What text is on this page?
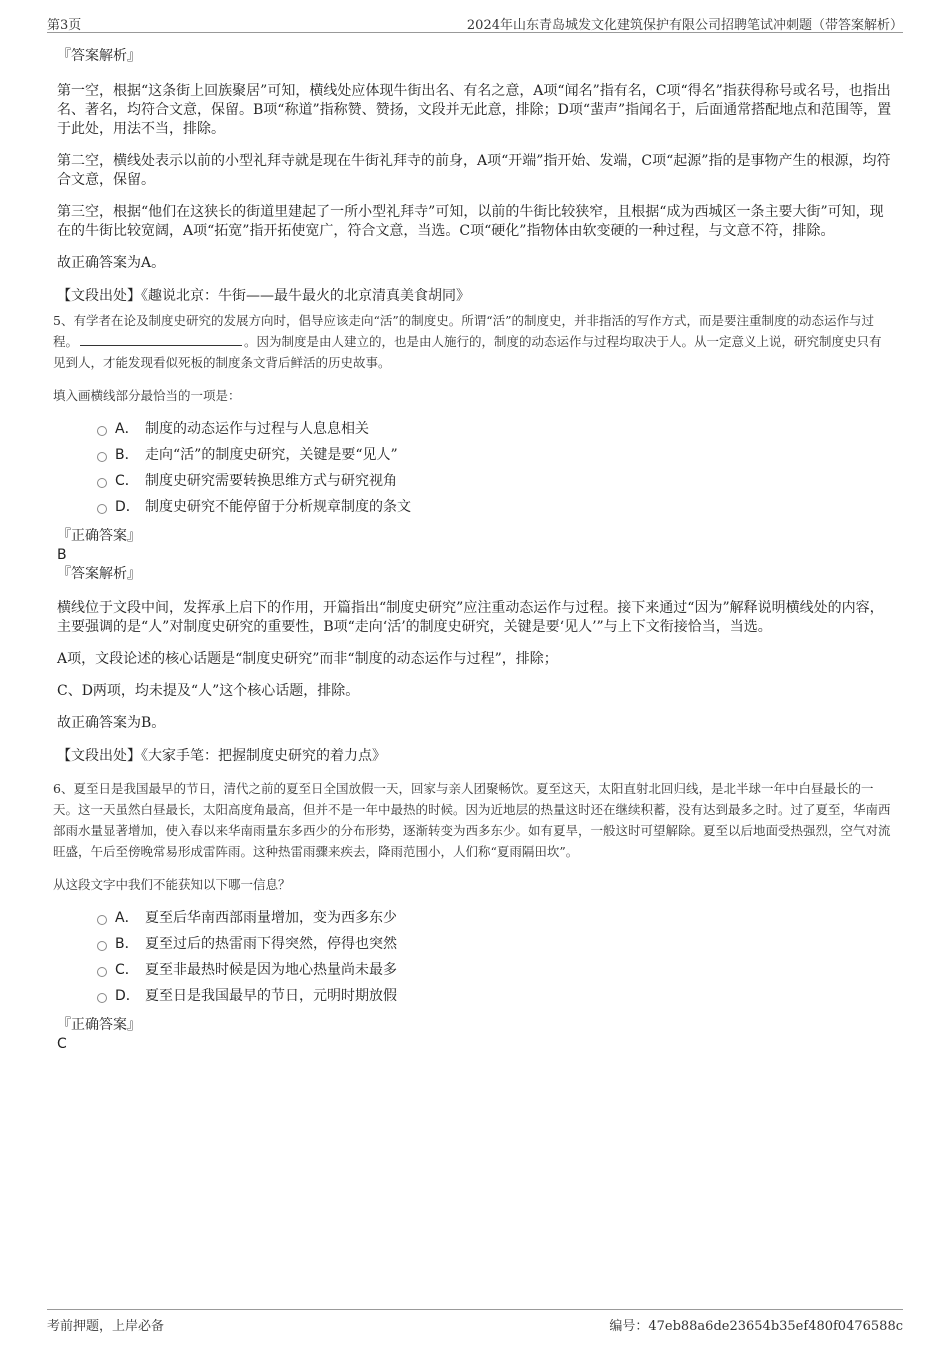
第3页	2024年山东青岛城发文化建筑保护有限公司招聘笔试冲刺题（带答案解析）

『答案解析』

第一空，根据“这条街上回族聚居”可知，横线处应体现牛街出名、有名之意，A项“闻名”指有名，C项“得名”指获得称号或名号，也指出名、著名，均符合文意，保留。B项“称道”指称赞、赞扬，文段并无此意，排除；D项“蜚声”指闻名于，后面通常搭配地点和范围等，置于此处，用法不当，排除。

第二空，横线处表示以前的小型礼拜寺就是现在牛街礼拜寺的前身，A项“开端”指开始、发端，C项“起源”指的是事物产生的根源，均符合文意，保留。

第三空，根据“他们在这狭长的街道里建起了一所小型礼拜寺”可知，以前的牛街比较狭窄，且根据“成为西城区一条主要大街”可知，现在的牛街比较宽阔，A项“拓宽”指开拓使宽广，符合文意，当选。C项“硬化”指物体由软变硬的一种过程，与文意不符，排除。

故正确答案为A。

【文段出处】《趣说北京：牛街——最牛最火的北京清真美食胡同》

5、有学者在论及制度史研究的发展方向时，倡导应该走向“活”的制度史。所谓“活”的制度史，并非指活的写作方式，而是要注重制度的动态运作与过程。	。因为制度是由人建立的，也是由人施行的，制度的动态运作与过程均取决于人。从一定意义上说，研究制度史只有见到人，才能发现看似死板的制度条文背后鲜活的历史故事。

填入画横线部分最恰当的一项是：

A． 制度的动态运作与过程与人息息相关
B． 走向“活”的制度史研究，关键是要“见人”
C． 制度史研究需要转换思维方式与研究视角
D． 制度史研究不能停留于分析规章制度的条文

『正确答案』

B

『答案解析』

横线位于文段中间，发挥承上启下的作用，开篇指出“制度史研究”应注重动态运作与过程。接下来通过“因为”解释说明横线处的内容，主要强调的是“人”对制度史研究的重要性，B项“走向‘活’的制度史研究，关键是要‘见人’”与上下文衔接恰当，当选。

A项，文段论述的核心话题是“制度史研究”而非“制度的动态运作与过程”，排除；

C、D两项，均未提及“人”这个核心话题，排除。

故正确答案为B。

【文段出处】《大家手笔：把握制度史研究的着力点》

6、夏至日是我国最早的节日，清代之前的夏至日全国放假一天，回家与亲人团聚畅饮。夏至这天，太阳直射北回归线，是北半球一年中白昼最长的一天。这一天虽然白昼最长，太阳高度角最高，但并不是一年中最热的时候。因为近地层的热量这时还在继续积蓄，没有达到最多之时。过了夏至，华南西部雨水量显著增加，使入春以来华南雨量东多西少的分布形势，逐渐转变为西多东少。如有夏旱，一般这时可望解除。夏至以后地面受热强烈，空气对流旺盛，午后至傍晚常易形成雷阵雨。这种热雷雨骤来疾去，降雨范围小，人们称“夏雨隔田坎”。

从这段文字中我们不能获知以下哪一信息？

A． 夏至后华南西部雨量增加，变为西多东少
B． 夏至过后的热雷雨下得突然，停得也突然
C． 夏至非最热时候是因为地心热量尚未最多
D． 夏至日是我国最早的节日，元明时期放假

『正确答案』

C

考前押题，上岸必备	编号：47eb88a6de23654b35ef480f0476588c
